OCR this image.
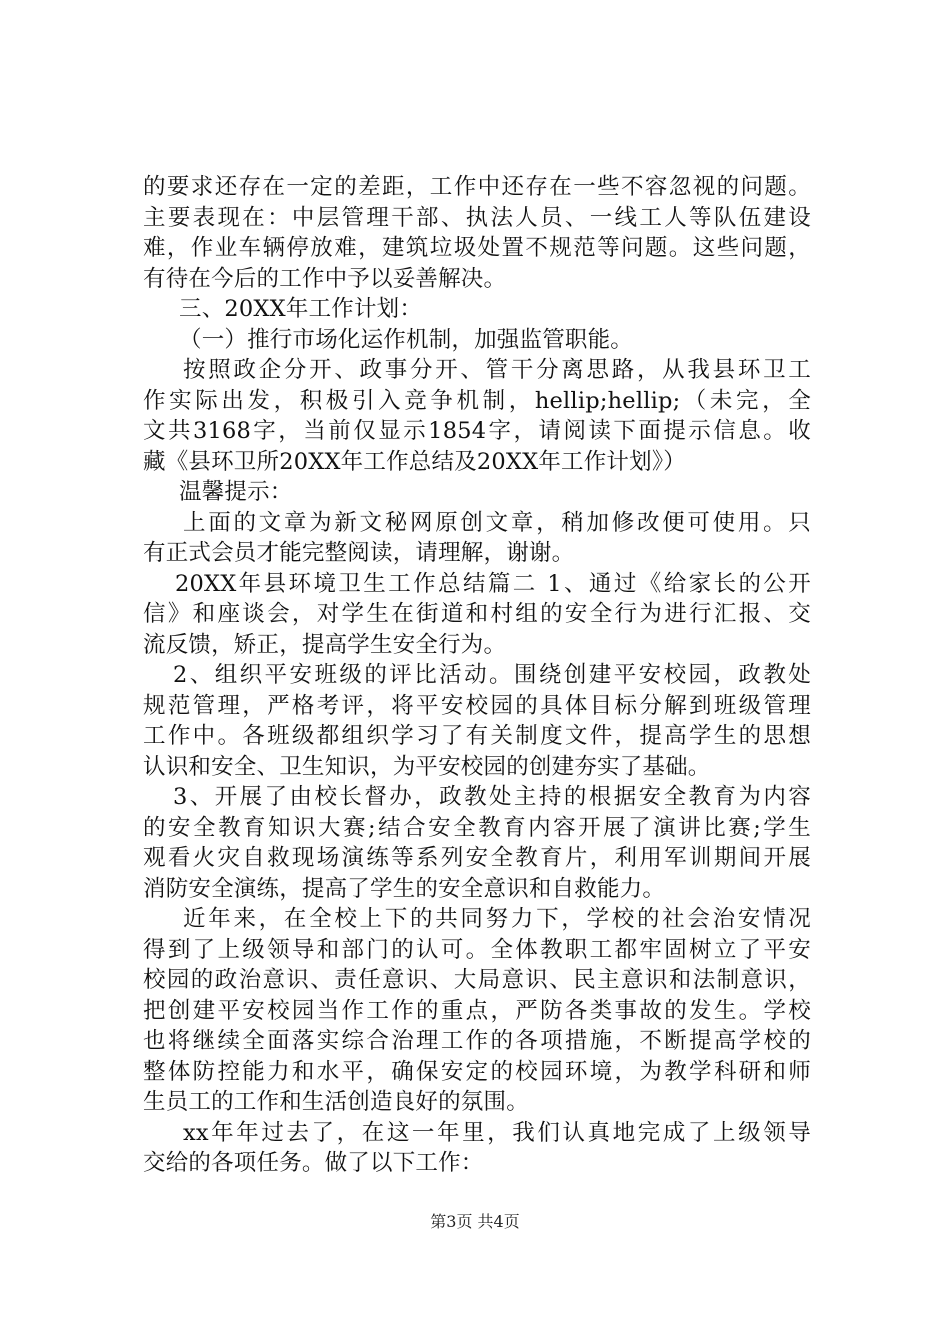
的要求还存在一定的差距，工作中还存在一些不容忽视的问题。
主要表现在：中层管理干部、执法人员、一线工人等队伍建设
难，作业车辆停放难，建筑垃圾处置不规范等问题。这些问题，
有待在今后的工作中予以妥善解决。
三、20XX年工作计划：
（一）推行市场化运作机制，加强监管职能。
按照政企分开、政事分开、管干分离思路，从我县环卫工
作实际出发，积极引入竞争机制，hellip;hellip;（未完，全
文共3168字，当前仅显示1854字，请阅读下面提示信息。收
藏《县环卫所20XX年工作总结及20XX年工作计划》）
温馨提示：
上面的文章为新文秘网原创文章，稍加修改便可使用。只
有正式会员才能完整阅读，请理解，谢谢。
20XX年县环境卫生工作总结篇二 1、通过《给家长的公开
信》和座谈会，对学生在街道和村组的安全行为进行汇报、交
流反馈，矫正，提高学生安全行为。
2、组织平安班级的评比活动。围绕创建平安校园，政教处
规范管理，严格考评，将平安校园的具体目标分解到班级管理
工作中。各班级都组织学习了有关制度文件，提高学生的思想
认识和安全、卫生知识，为平安校园的创建夯实了基础。
3、开展了由校长督办，政教处主持的根据安全教育为内容
的安全教育知识大赛;结合安全教育内容开展了演讲比赛;学生
观看火灾自救现场演练等系列安全教育片，利用军训期间开展
消防安全演练，提高了学生的安全意识和自救能力。
近年来，在全校上下的共同努力下，学校的社会治安情况
得到了上级领导和部门的认可。全体教职工都牢固树立了平安
校园的政治意识、责任意识、大局意识、民主意识和法制意识，
把创建平安校园当作工作的重点，严防各类事故的发生。学校
也将继续全面落实综合治理工作的各项措施，不断提高学校的
整体防控能力和水平，确保安定的校园环境，为教学科研和师
生员工的工作和生活创造良好的氛围。
xx年年过去了，在这一年里，我们认真地完成了上级领导
交给的各项任务。做了以下工作：
第3页 共4页
